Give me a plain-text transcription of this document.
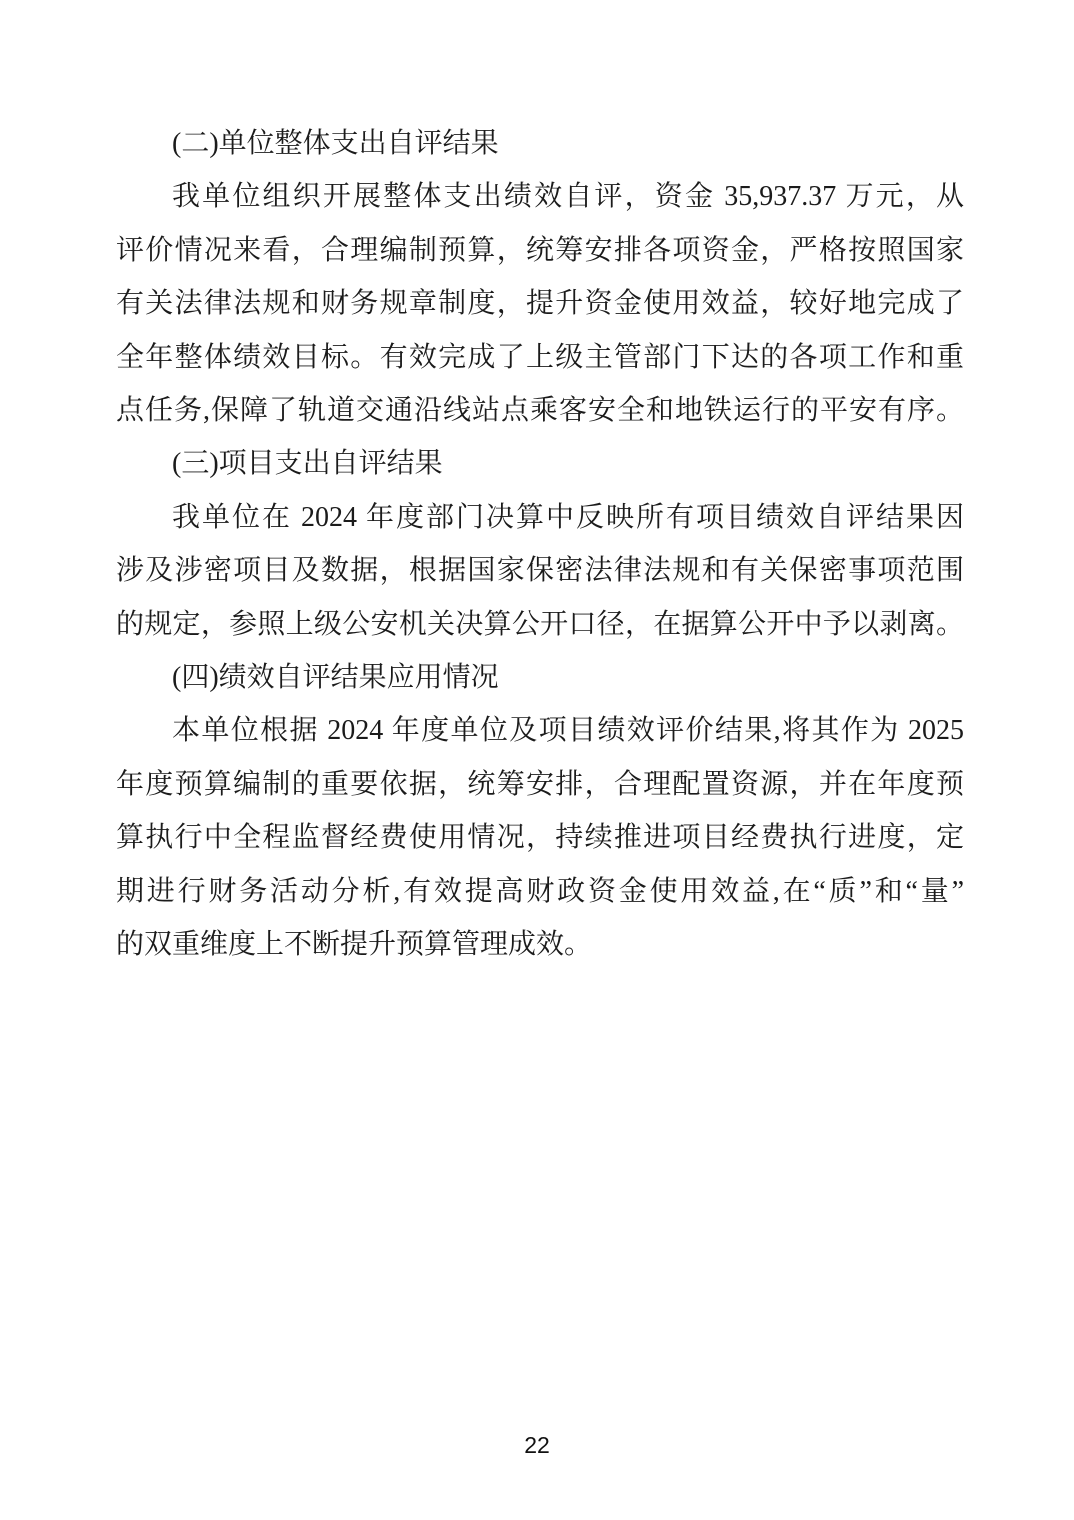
(二)单位整体支出自评结果
我单位组织开展整体支出绩效自评，资金 35,937.37 万元，从
评价情况来看，合理编制预算，统筹安排各项资金，严格按照国家
有关法律法规和财务规章制度，提升资金使用效益，较好地完成了
全年整体绩效目标。有效完成了上级主管部门下达的各项工作和重
点任务,保障了轨道交通沿线站点乘客安全和地铁运行的平安有序。
(三)项目支出自评结果
我单位在 2024 年度部门决算中反映所有项目绩效自评结果因
涉及涉密项目及数据，根据国家保密法律法规和有关保密事项范围
的规定，参照上级公安机关决算公开口径，在据算公开中予以剥离。
(四)绩效自评结果应用情况
本单位根据 2024 年度单位及项目绩效评价结果,将其作为 2025
年度预算编制的重要依据，统筹安排，合理配置资源，并在年度预
算执行中全程监督经费使用情况，持续推进项目经费执行进度，定
期进行财务活动分析,有效提高财政资金使用效益,在“质”和“量”
的双重维度上不断提升预算管理成效。
22
